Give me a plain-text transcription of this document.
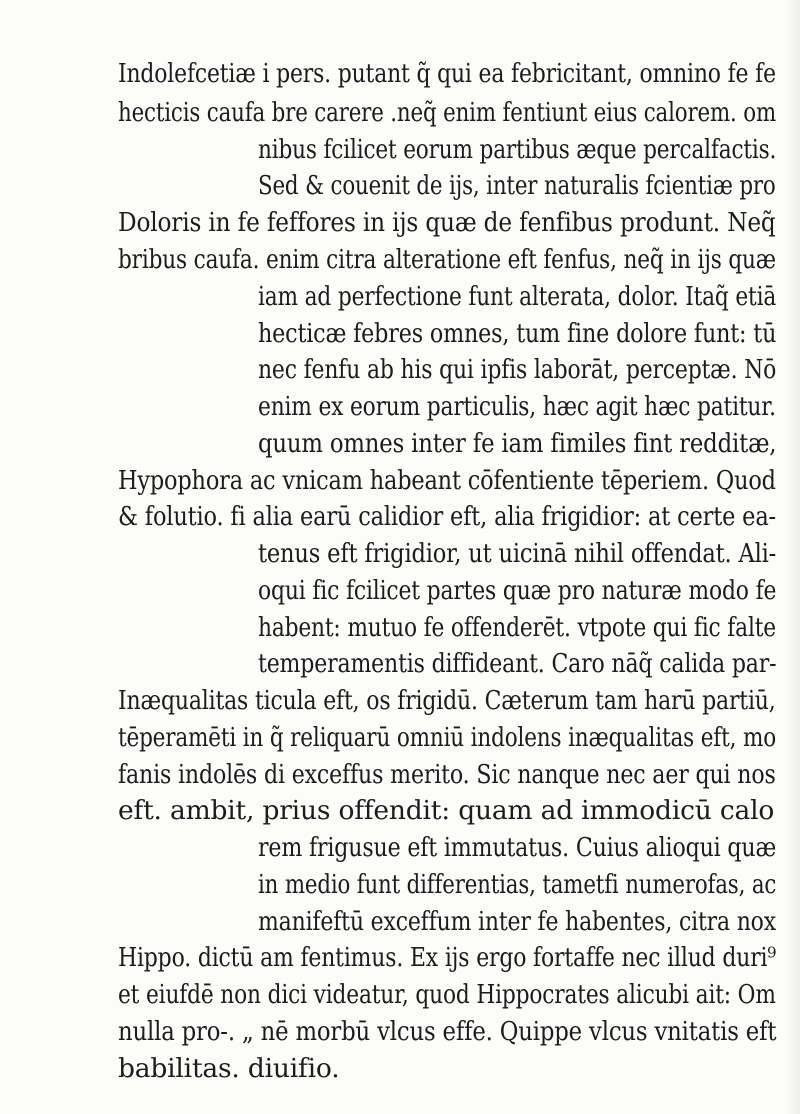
Indolefcetiæ i pers. putant q̃ qui ea febricitant, omnino fe fe
hecticis caufa bre carere .neq̃ enim fentiunt eius calorem. om
nibus fcilicet eorum partibus æque percalfactis.
Sed & couenit de ijs, inter naturalis fcientiæ pro
Doloris in fe feffores in ijs quæ de fenfibus produnt. Neq̃
bribus caufa. enim citra alteratione eft fenfus, neq̃ in ijs quæ
iam ad perfectione funt alterata, dolor. Itaq̃ etiā
hecticæ febres omnes, tum fine dolore funt: tū
nec fenfu ab his qui ipfis laborāt, perceptæ. Nō
enim ex eorum particulis, hæc agit hæc patitur.
quum omnes inter fe iam fimiles fint redditæ,
Hypophora ac vnicam habeant cōfentiente tēperiem. Quod
& folutio. fi alia earū calidior eft, alia frigidior: at certe ea-
tenus eft frigidior, ut uicinā nihil offendat. Ali-
oqui fic fcilicet partes quæ pro naturæ modo fe
habent: mutuo fe offenderēt. vtpote qui fic falte
temperamentis diffideant. Caro nāq̃ calida par-
Inæqualitas ticula eft, os frigidū. Cæterum tam harū partiū,
tēperamēti in q̃ reliquarū omniū indolens inæqualitas eft, mo
fanis indolēs di exceffus merito. Sic nanque nec aer qui nos
eft. ambit, prius offendit: quam ad immodicū calo
rem frigusue eft immutatus. Cuius alioqui quæ
in medio funt differentias, tametfi numerofas, ac
manifeftū exceffum inter fe habentes, citra nox
Hippo. dictū am fentimus. Ex ijs ergo fortaffe nec illud duri⁹
et eiufdē non dici videatur, quod Hippocrates alicubi ait: Om
nulla pro-. „ nē morbū vlcus effe. Quippe vlcus vnitatis eft
babilitas. diuifio.
